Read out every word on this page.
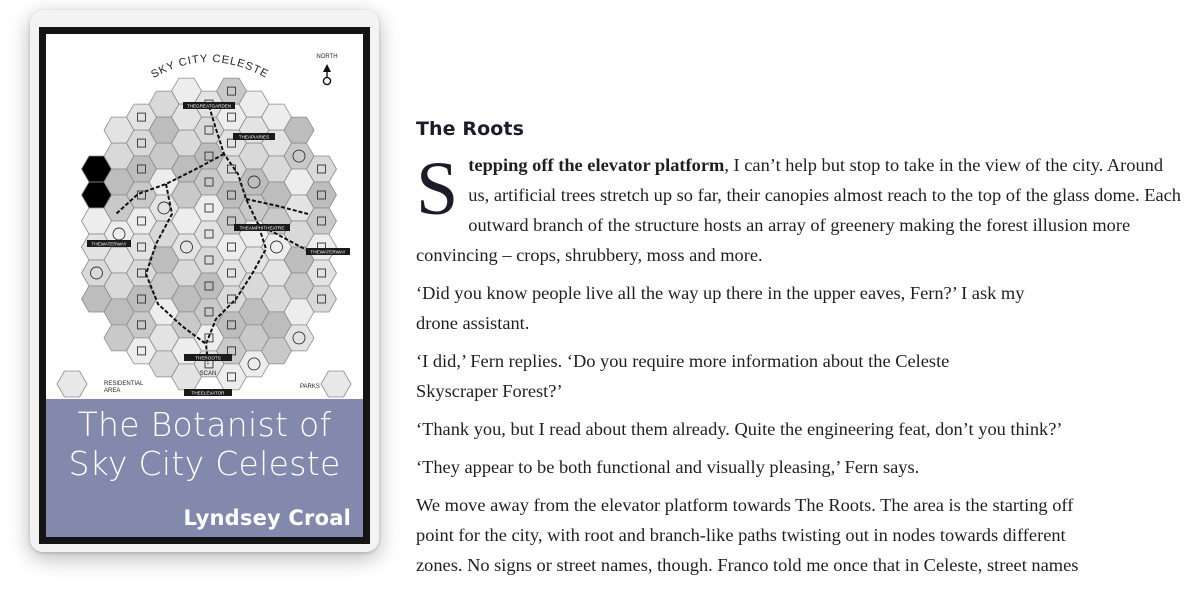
SKY CITY CELESTE
NORTH
THEGREATGARDEN
THEAPIARIES
THEWATERWAY
THEAMPHITHEATRE
THEWATERWAY
THEROOTS
SCAN
THEELEVATOR
RESIDENTIAL
AREA
PARKS
The Botanist of
Sky City Celeste
Lyndsey Croal
The Roots

Stepping off the elevator platform, I can’t help but stop to take in the view of the city. Around us, artificial trees stretch up so far, their canopies almost reach to the top of the glass dome. Each outward branch of the structure hosts an array of greenery making the forest illusion more convincing – crops, shrubbery, moss and more.

‘Did you know people live all the way up there in the upper eaves, Fern?’ I ask my drone assistant.

‘I did,’ Fern replies. ‘Do you require more information about the Celeste Skyscraper Forest?’

‘Thank you, but I read about them already. Quite the engineering feat, don’t you think?’

‘They appear to be both functional and visually pleasing,’ Fern says.

We move away from the elevator platform towards The Roots. The area is the starting off point for the city, with root and branch-like paths twisting out in nodes towards different zones. No signs or street names, though. Franco told me once that in Celeste, street names
